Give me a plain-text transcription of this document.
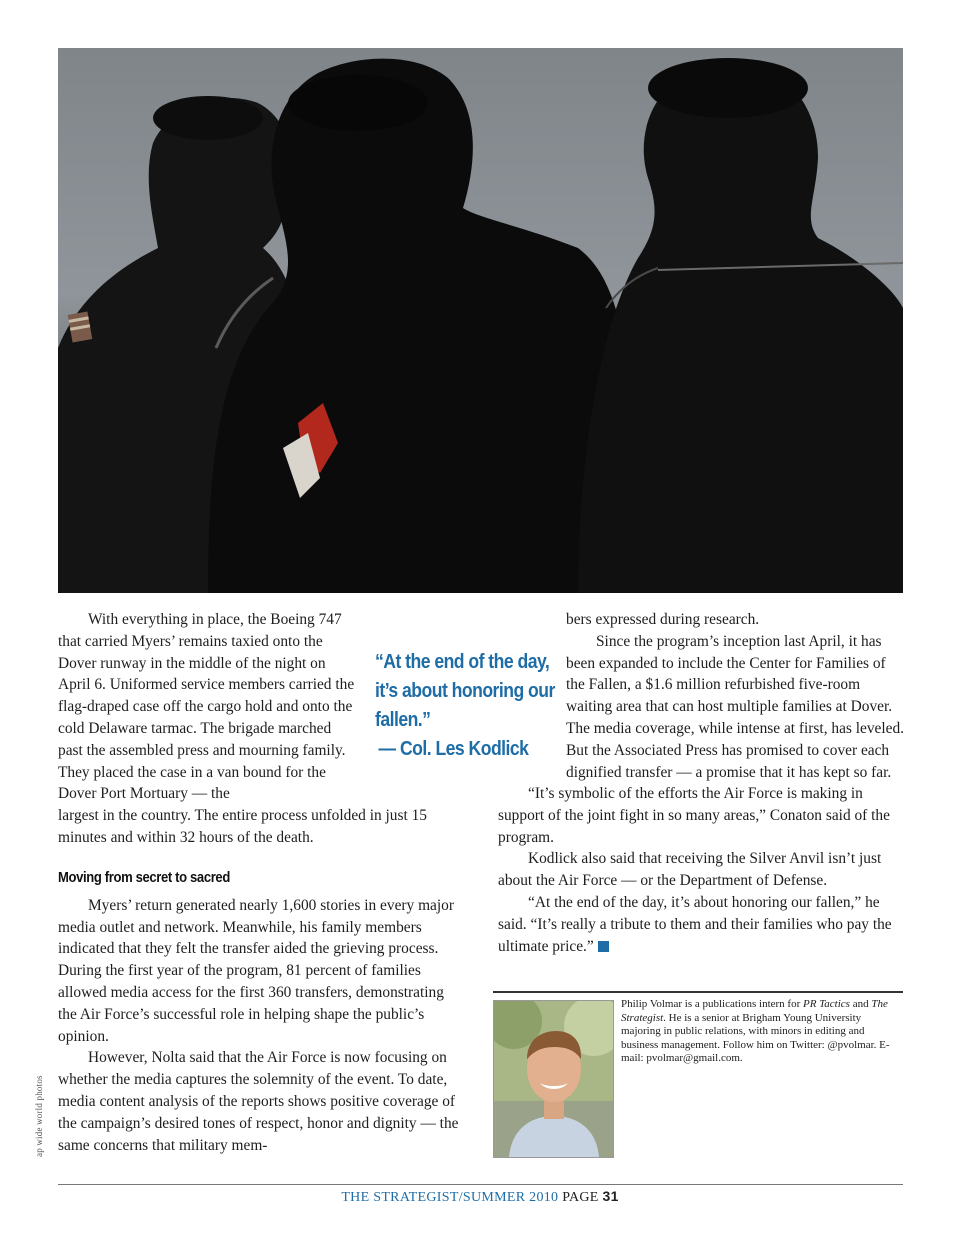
ap wide world photos

With everything in place, the Boeing 747 that carried Myers’ remains taxied onto the Dover runway in the middle of the night on April 6. Uniformed service members carried the flag-draped case off the cargo hold and onto the cold Delaware tarmac. The brigade marched past the assembled press and mourning family. They placed the case in a van bound for the Dover Port Mortuary — the

largest in the country. The entire process unfolded in just 15 minutes and within 32 hours of the death.

Moving from secret to sacred

Myers’ return generated nearly 1,600 stories in every major media outlet and network. Meanwhile, his family members indicated that they felt the transfer aided the grieving process. During the first year of the program, 81 percent of families allowed media access for the first 360 transfers, demonstrating the Air Force’s successful role in helping shape the public’s opinion.

However, Nolta said that the Air Force is now focusing on whether the media captures the solemnity of the event. To date, media content analysis of the reports shows positive coverage of the campaign’s desired tones of respect, honor and dignity — the same concerns that military mem-

“At the end of the day, it’s about honoring our fallen.”
— Col. Les Kodlick

bers expressed during research.

Since the program’s inception last April, it has been expanded to include the Center for Families of the Fallen, a $1.6 million refurbished five-room waiting area that can host multiple families at Dover. The media coverage, while intense at first, has leveled. But the Associated Press has promised to cover each dignified transfer — a promise that it has kept so far.

“It’s symbolic of the efforts the Air Force is making in support of the joint fight in so many areas,” Conaton said of the program.

Kodlick also said that receiving the Silver Anvil isn’t just about the Air Force — or the Department of Defense.

“At the end of the day, it’s about honoring our fallen,” he said. “It’s really a tribute to them and their families who pay the ultimate price.”

Philip Volmar is a publications intern for PR Tactics and The Strategist. He is a senior at Brigham Young University majoring in public relations, with minors in editing and business management. Follow him on Twitter: @pvolmar. E-mail: pvolmar@gmail.com.
THE STRATEGIST/SUMMER 2010 PAGE 31
